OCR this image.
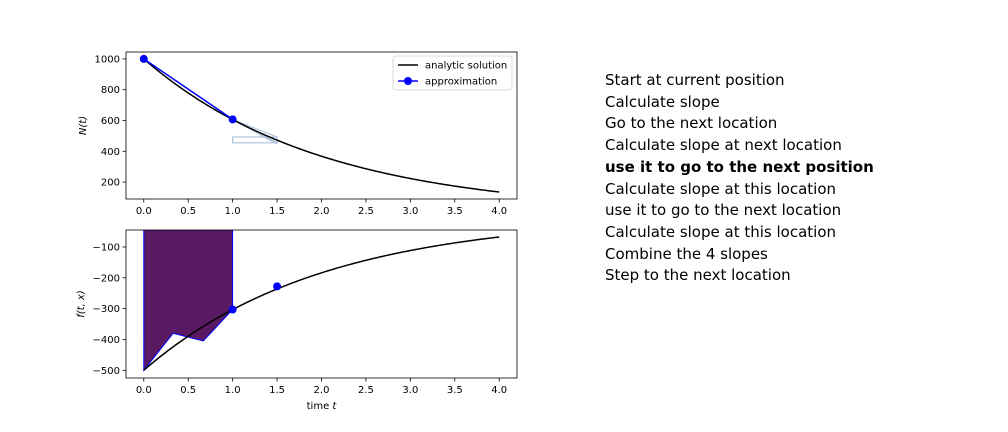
0.0	0.5	1.0	1.5	2.0	2.5	3.0	3.5	4.0
200
400
600
800
1000
N(t)
analytic solution
approximation
0.0	0.5	1.0	1.5	2.0	2.5	3.0	3.5	4.0
−100
−200
−300
−400
−500
f(t, x)
time t
Start at current position
Calculate slope
Go to the next location
Calculate slope at next location
use it to go to the next position
Calculate slope at this location
use it to go to the next location
Calculate slope at this location
Combine the 4 slopes
Step to the next location
